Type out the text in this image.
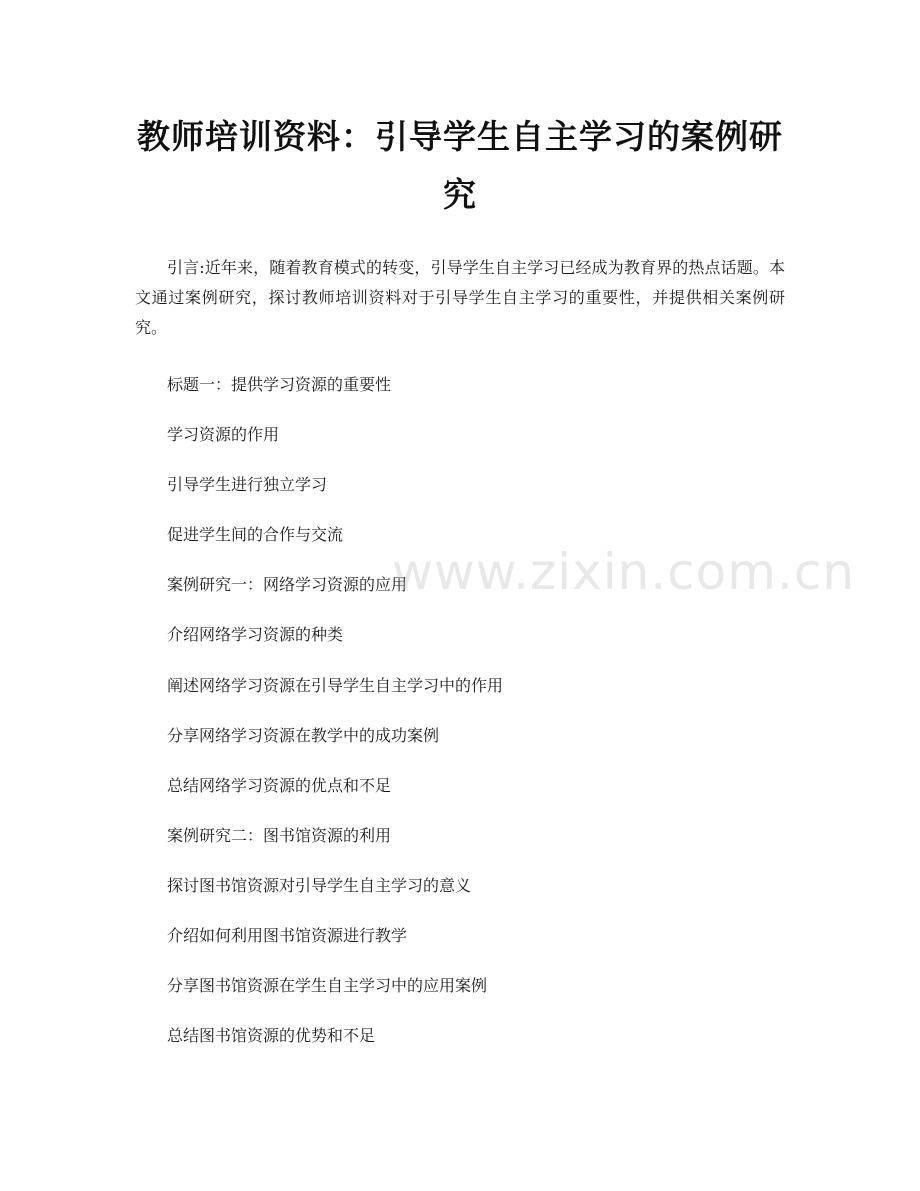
教师培训资料：引导学生自主学习的案例研究

引言:近年来，随着教育模式的转变，引导学生自主学习已经成为教育界的热点话题。本文通过案例研究，探讨教师培训资料对于引导学生自主学习的重要性，并提供相关案例研究。

标题一：提供学习资源的重要性
学习资源的作用
引导学生进行独立学习
促进学生间的合作与交流
案例研究一：网络学习资源的应用
介绍网络学习资源的种类
阐述网络学习资源在引导学生自主学习中的作用
分享网络学习资源在教学中的成功案例
总结网络学习资源的优点和不足
案例研究二：图书馆资源的利用
探讨图书馆资源对引导学生自主学习的意义
介绍如何利用图书馆资源进行教学
分享图书馆资源在学生自主学习中的应用案例
总结图书馆资源的优势和不足
www.zixin.com.cn
